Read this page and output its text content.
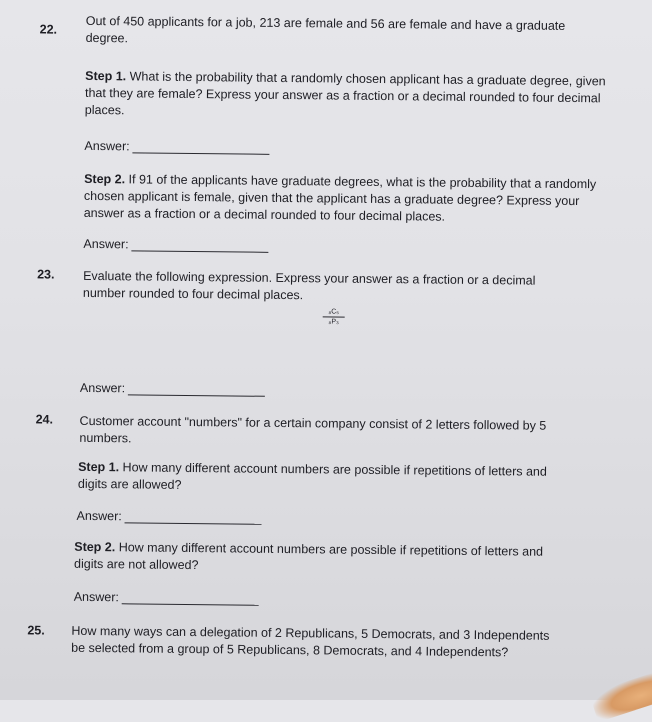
22. Out of 450 applicants for a job, 213 are female and 56 are female and have a graduate degree.
Step 1. What is the probability that a randomly chosen applicant has a graduate degree, given that they are female? Express your answer as a fraction or a decimal rounded to four decimal places.
Answer:
Step 2. If 91 of the applicants have graduate degrees, what is the probability that a randomly chosen applicant is female, given that the applicant has a graduate degree? Express your answer as a fraction or a decimal rounded to four decimal places.
Answer:
23. Evaluate the following expression. Express your answer as a fraction or a decimal number rounded to four decimal places.
₈C₅
₈P₃
Answer:
24. Customer account "numbers" for a certain company consist of 2 letters followed by 5 numbers.
Step 1. How many different account numbers are possible if repetitions of letters and digits are allowed?
Answer:
Step 2. How many different account numbers are possible if repetitions of letters and digits are not allowed?
Answer:
25. How many ways can a delegation of 2 Republicans, 5 Democrats, and 3 Independents be selected from a group of 5 Republicans, 8 Democrats, and 4 Independents?
